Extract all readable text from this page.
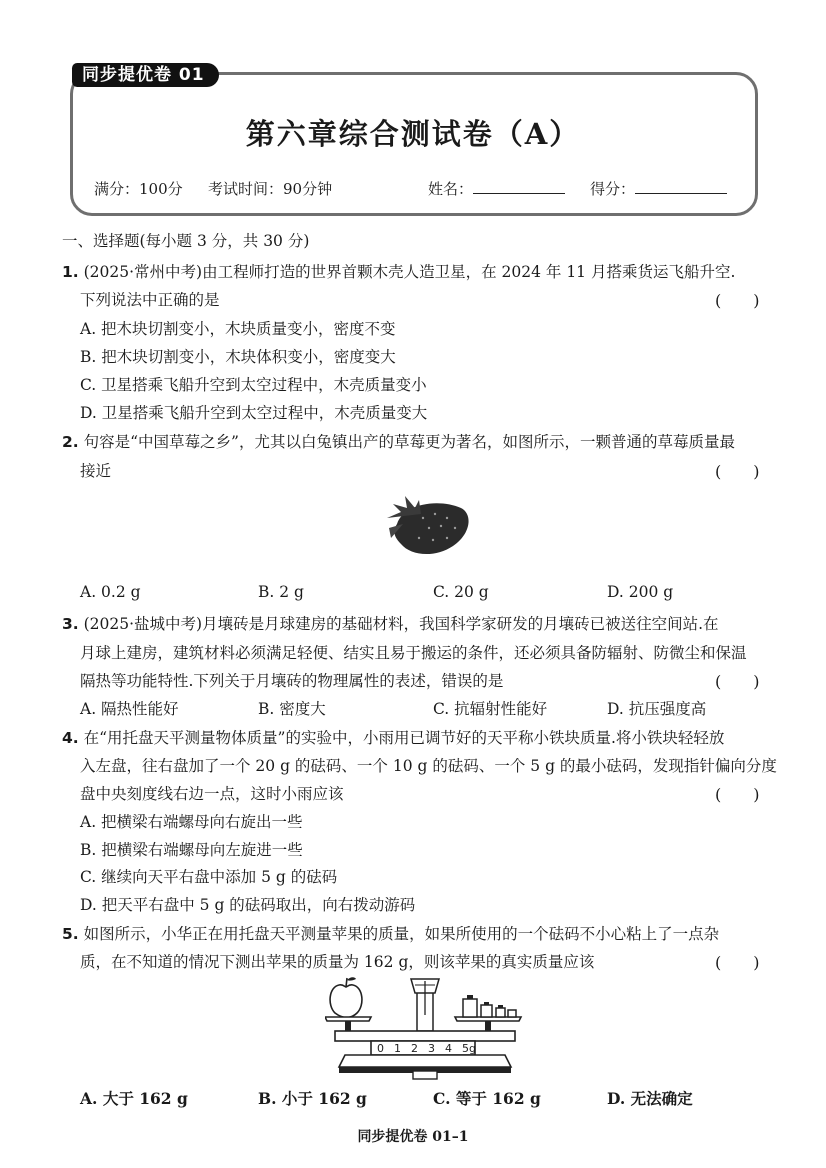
同步提优卷 01
第六章综合测试卷（A）
满分：100分 考试时间：90分钟	姓名：	得分：
一、选择题(每小题 3 分，共 30 分)
1. (2025·常州中考)由工程师打造的世界首颗木壳人造卫星，在 2024 年 11 月搭乘货运飞船升空.
下列说法中正确的是	(　　)
A. 把木块切割变小，木块质量变小，密度不变
B. 把木块切割变小，木块体积变小，密度变大
C. 卫星搭乘飞船升空到太空过程中，木壳质量变小
D. 卫星搭乘飞船升空到太空过程中，木壳质量变大
2. 句容是“中国草莓之乡”，尤其以白兔镇出产的草莓更为著名，如图所示，一颗普通的草莓质量最
接近	(　　)
A. 0.2 g	B. 2 g	C. 20 g	D. 200 g
3. (2025·盐城中考)月壤砖是月球建房的基础材料，我国科学家研发的月壤砖已被送往空间站.在
月球上建房，建筑材料必须满足轻便、结实且易于搬运的条件，还必须具备防辐射、防微尘和保温
隔热等功能特性.下列关于月壤砖的物理属性的表述，错误的是	(　　)
A. 隔热性能好	B. 密度大	C. 抗辐射性能好	D. 抗压强度高
4. 在“用托盘天平测量物体质量”的实验中，小雨用已调节好的天平称小铁块质量.将小铁块轻轻放
入左盘，往右盘加了一个 20 g 的砝码、一个 10 g 的砝码、一个 5 g 的最小砝码，发现指针偏向分度
盘中央刻度线右边一点，这时小雨应该	(　　)
A. 把横梁右端螺母向右旋出一些
B. 把横梁右端螺母向左旋进一些
C. 继续向天平右盘中添加 5 g 的砝码
D. 把天平右盘中 5 g 的砝码取出，向右拨动游码
5. 如图所示，小华正在用托盘天平测量苹果的质量，如果所使用的一个砝码不小心粘上了一点杂
质，在不知道的情况下测出苹果的质量为 162 g，则该苹果的真实质量应该	(　　)
0 1 2 3 4 5g
A. 大于 162 g	B. 小于 162 g	C. 等于 162 g	D. 无法确定
同步提优卷 01–1
